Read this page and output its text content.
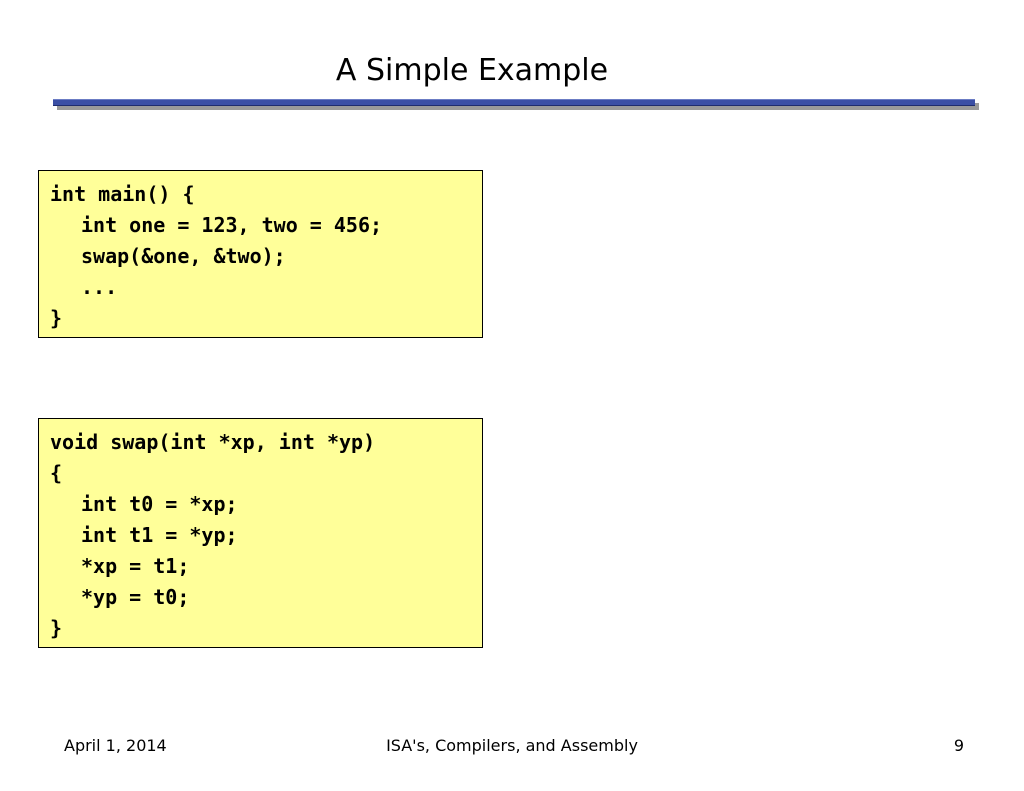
A Simple Example
int main() {
int one = 123, two = 456;
swap(&one, &two);
...
}
void swap(int *xp, int *yp)
{
int t0 = *xp;
int t1 = *yp;
*xp = t1;
*yp = t0;
}
April 1, 2014	ISA's, Compilers, and Assembly	9
